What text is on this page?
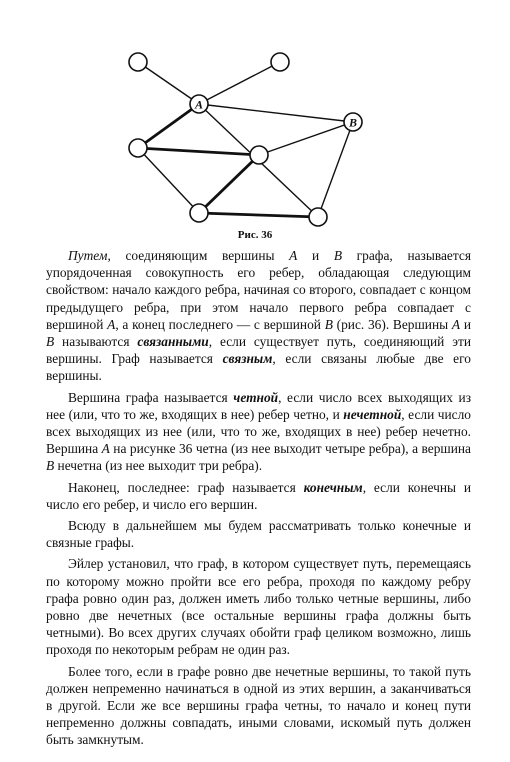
A
B
Рис. 36

Путем, соединяющим вершины A и B графа, называется упорядоченная совокупность его ребер, обладающая следующим свойством: начало каждого ребра, начиная со второго, совпадает с концом предыдущего ребра, при этом начало первого ребра совпадает с вершиной A, а конец последнего — с вершиной B (рис. 36). Вершины A и B называются связанными, если существует путь, соединяющий эти вершины. Граф называется связным, если связаны любые две его вершины.

Вершина графа называется четной, если число всех выходящих из нее (или, что то же, входящих в нее) ребер четно, и нечетной, если число всех выходящих из нее (или, что то же, входящих в нее) ребер нечетно. Вершина A на рисунке 36 четна (из нее выходит четыре ребра), а вершина B нечетна (из нее выходит три ребра).

Наконец, последнее: граф называется конечным, если конечны и число его ребер, и число его вершин.

Всюду в дальнейшем мы будем рассматривать только конечные и связные графы.

Эйлер установил, что граф, в котором существует путь, перемещаясь по которому можно пройти все его ребра, проходя по каждому ребру графа ровно один раз, должен иметь либо только четные вершины, либо ровно две нечетных (все остальные вершины графа должны быть четными). Во всех других случаях обойти граф целиком возможно, лишь проходя по некоторым ребрам не один раз.

Более того, если в графе ровно две нечетные вершины, то такой путь должен непременно начинаться в одной из этих вершин, а заканчиваться в другой. Если же все вершины графа четны, то начало и конец пути непременно должны совпадать, иными словами, искомый путь должен быть замкнутым.
